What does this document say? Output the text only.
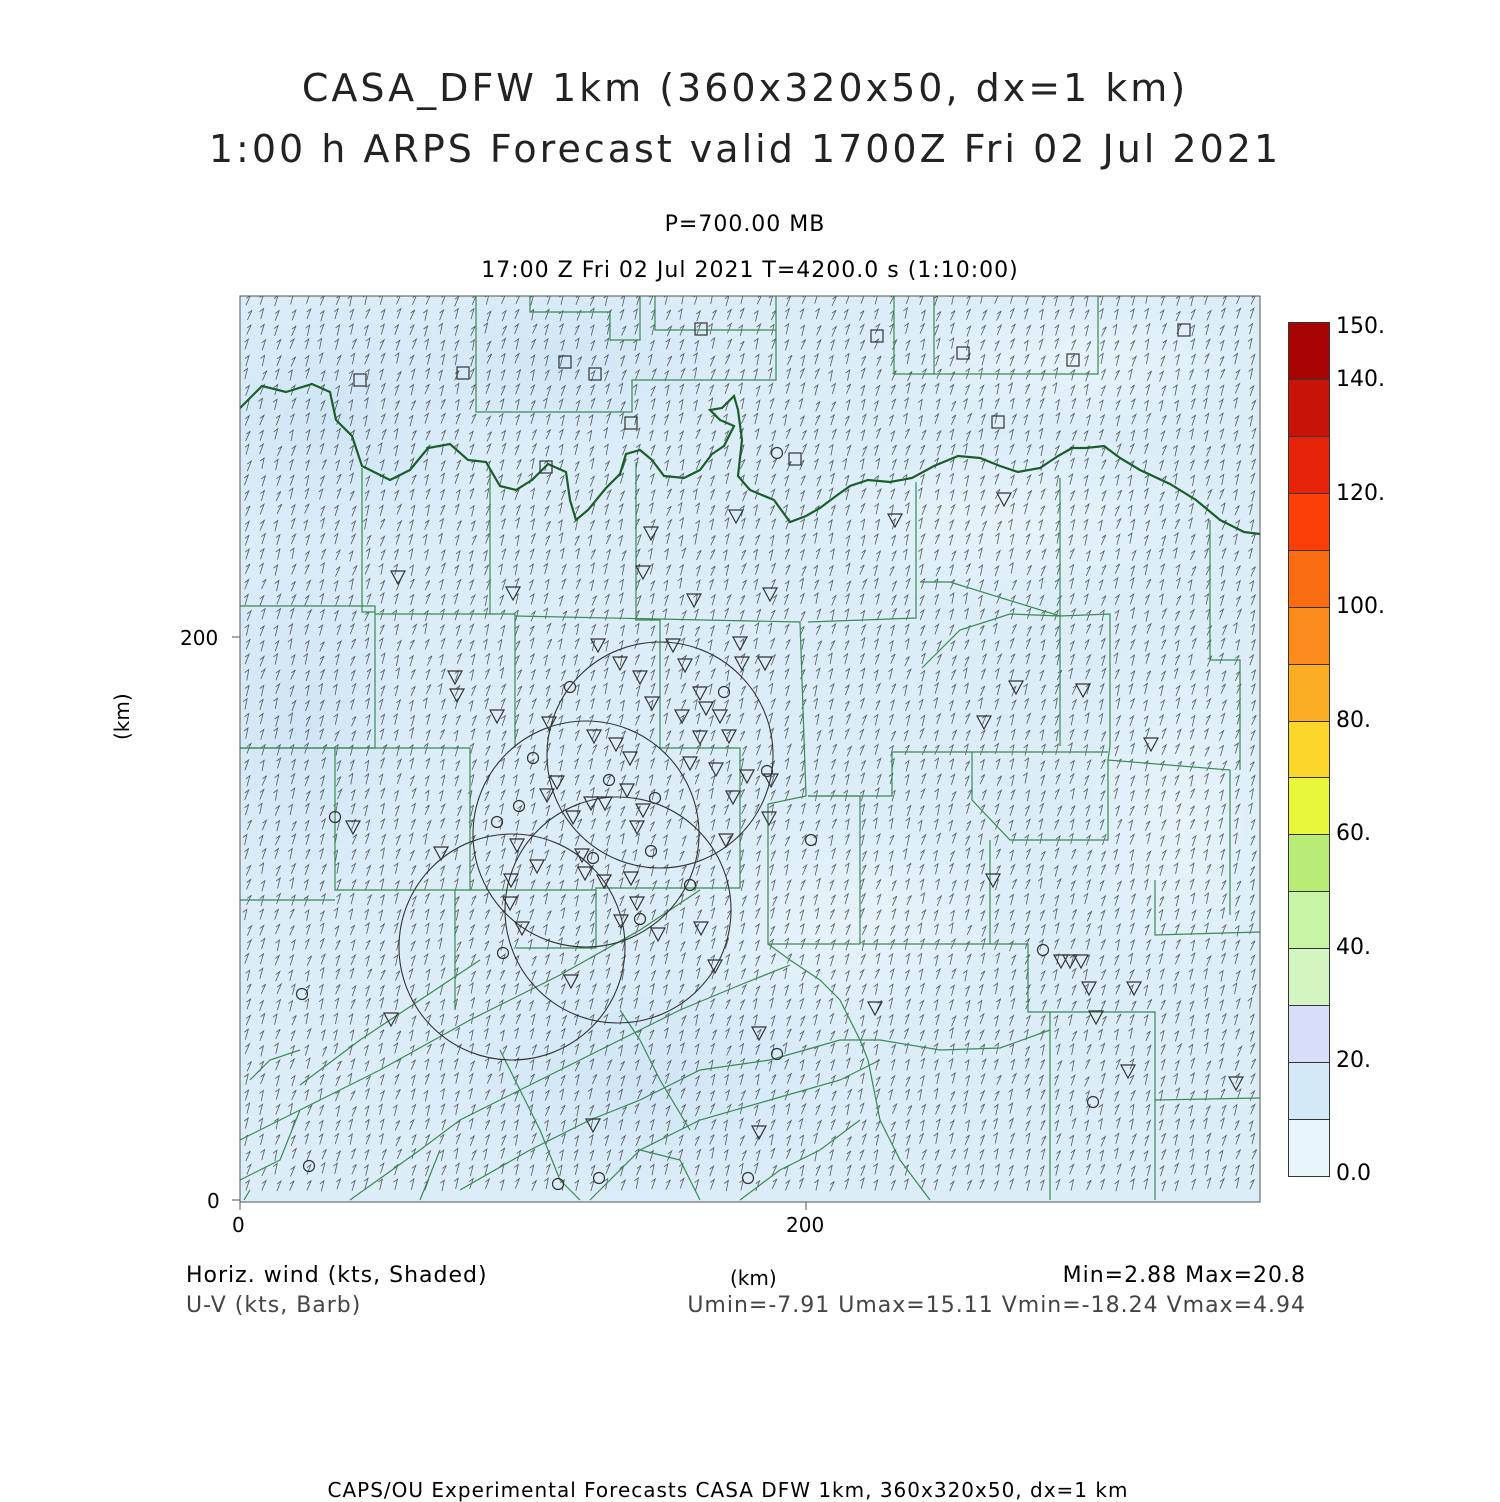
CASA_DFW 1km (360x320x50, dx=1 km)
1:00 h ARPS Forecast valid 1700Z Fri 02 Jul 2021
P=700.00 MB
17:00 Z Fri 02 Jul 2021 T=4200.0 s (1:10:00)
0
200
0	200
(km)
(km)
150.
140.
120.
100.
80.
60.
40.
20.
0.0
Horiz. wind (kts, Shaded)
U-V (kts, Barb)
Min=2.88 Max=20.8
Umin=-7.91 Umax=15.11 Vmin=-18.24 Vmax=4.94
CAPS/OU Experimental Forecasts CASA DFW 1km, 360x320x50, dx=1 km
